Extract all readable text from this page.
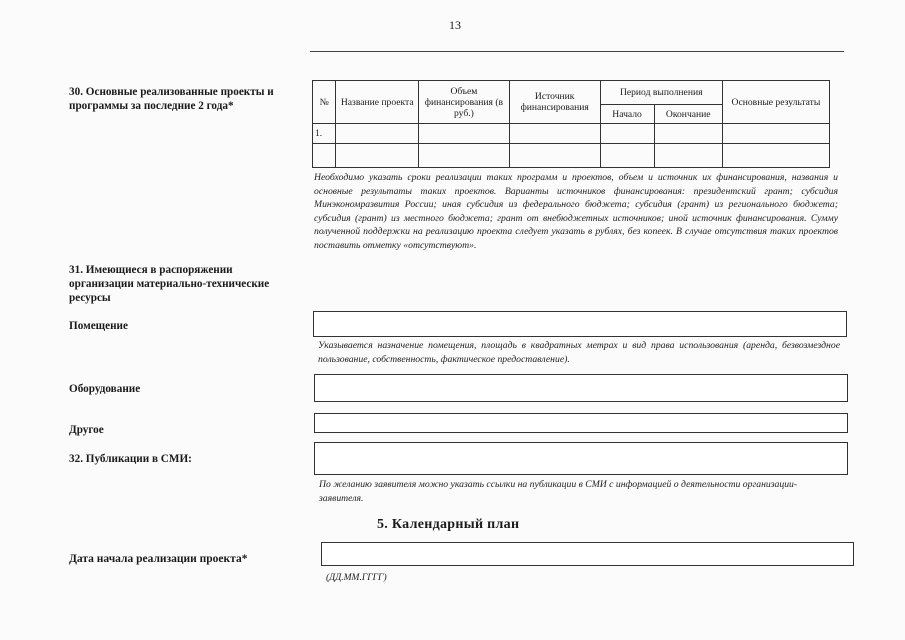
13
30. Основные реализованные проекты и программы за последние 2 года*	№	Название проекта	Объем финансирования (в руб.)	Источник финансирования	Период выполнения		Основные результаты
				Начало	Окончание	
1.						

Необходимо указать сроки реализации таких программ и проектов, объем и источник их финансирования, названия и основные результаты таких проектов. Варианты источников финансирования: президентский грант; субсидия Минэкономразвития России; иная субсидия из федерального бюджета; субсидия (грант) из регионального бюджета; субсидия (грант) из местного бюджета; грант от внебюджетных источников; иной источник финансирования. Сумму полученной поддержки на реализацию проекта следует указать в рублях, без копеек. В случае отсутствия таких проектов поставить отметку «отсутствуют».
31. Имеющиеся в распоряжении организации материально-технические ресурсы
Помещение
Указывается назначение помещения, площадь в квадратных метрах и вид права использования (аренда, безвозмездное пользование, собственность, фактическое предоставление).
Оборудование
Другое
32. Публикации в СМИ:
По желанию заявителя можно указать ссылки на публикации в СМИ с информацией о деятельности организации-заявителя.
5. Календарный план
Дата начала реализации проекта*
(ДД.ММ.ГГГГ)
